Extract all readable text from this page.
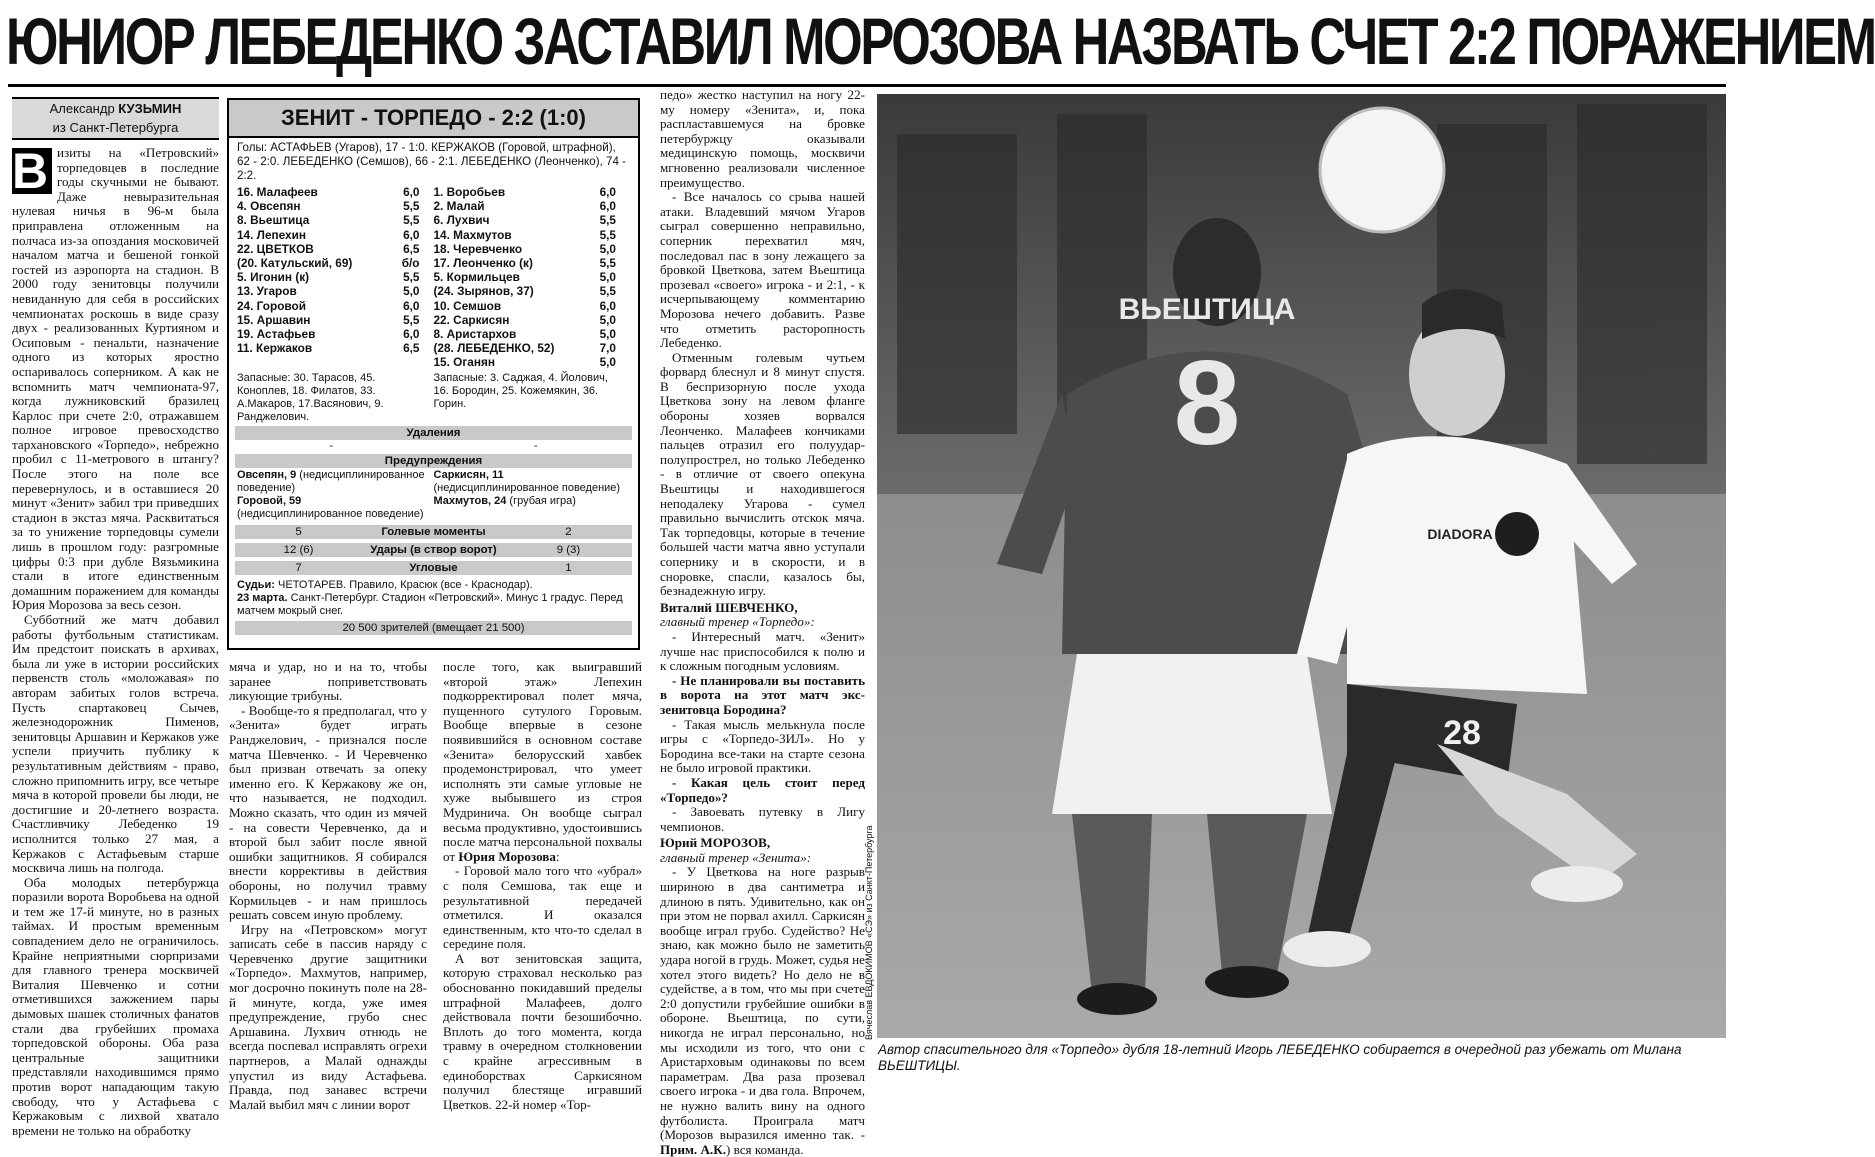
ЮНИОР ЛЕБЕДЕНКО ЗАСТАВИЛ МОРОЗОВА НАЗВАТЬ СЧЕТ 2:2 ПОРАЖЕНИЕМ
Александр КУЗЬМИН
из Санкт-Петербурга

В изиты на «Петровский» торпедовцев в последние годы скучными не бывают. Даже невыразительная нулевая ничья в 96-м была приправлена отложенным на полчаса из-за опоздания московичей началом матча и бешеной гонкой гостей из аэропорта на стадион. В 2000 году зенитовцы получили невиданную для себя в российских чемпионатах роскошь в виде сразу двух - реализованных Куртияном и Осиповым - пенальти, назначение одного из которых яростно оспаривалось соперником. А как не вспомнить матч чемпионата-97, когда лужниковский бразилец Карлос при счете 2:0, отражавшем полное игровое превосходство тархановского «Торпедо», небрежно пробил с 11-метрового в штангу? После этого на поле все перевернулось, и в оставшиеся 20 минут «Зенит» забил три приведших стадион в экстаз мяча. Расквитаться за то унижение торпедовцы сумели лишь в прошлом году: разгромные цифры 0:3 при дубле Вязьмикина стали в итоге единственным домашним поражением для команды Юрия Морозова за весь сезон.

Субботний же матч добавил работы футбольным статистикам. Им предстоит поискать в архивах, была ли уже в истории российских первенств столь «моложавая» по авторам забитых голов встреча. Пусть спартаковец Сычев, железнодорожник Пименов, зенитовцы Аршавин и Кержаков уже успели приучить публику к результативным действиям - право, сложно припомнить игру, все четыре мяча в которой провели бы люди, не достигшие и 20-летнего возраста. Счастливчику Лебеденко 19 исполнится только 27 мая, а Кержаков с Астафьевым старше москвича лишь на полгода.

Оба молодых петербуржца поразили ворота Воробьева на одной и тем же 17-й минуте, но в разных таймах. И простым временным совпадением дело не ограничилось. Крайне неприятными сюрпризами для главного тренера москвичей Виталия Шевченко и сотни отметившихся зажжением пары дымовых шашек столичных фанатов стали два грубейших промаха торпедовской обороны. Оба раза центральные защитники представляли находившимся прямо против ворот нападающим такую свободу, что у Астафьева с Кержаковым с лихвой хватало времени не только на обработку

ЗЕНИТ - ТОРПЕДО - 2:2 (1:0)
Голы: АСТАФЬЕВ (Угаров), 17 - 1:0. КЕРЖАКОВ (Горовой, штрафной), 62 - 2:0. ЛЕБЕДЕНКО (Семшов), 66 - 2:1. ЛЕБЕДЕНКО (Леонченко), 74 - 2:2.
16. Малафеев	6,0
4. Овсепян	5,5
8. Вьештица	5,5
14. Лепехин	6,0
22. ЦВЕТКОВ	6,5
(20. Катульский, 69)	б/о
5. Игонин (к)	5,5
13. Угаров	5,0
24. Горовой	6,0
15. Аршавин	5,5
19. Астафьев	6,0
11. Кержаков	6,5
1. Воробьев	6,0
2. Малай	6,0
6. Лухвич	5,5
14. Махмутов	5,5
18. Черевченко	5,0
17. Леонченко (к)	5,5
5. Кормильцев	5,0
(24. Зырянов, 37)	5,5
10. Семшов	6,0
22. Саркисян	5,0
8. Аристархов	5,0
(28. ЛЕБЕДЕНКО, 52)	7,0
15. Оганян	5,0
Запасные: 30. Тарасов, 45. Коноплев, 18. Филатов, 33. А.Макаров, 17.Васянович, 9. Ранджелович.
Запасные: 3. Саджая, 4. Йолович, 16. Бородин, 25. Кожемякин, 36. Горин.
Удаления
-	-
Предупреждения
Овсепян, 9 (недисциплинированное поведение)
Горовой, 59 (недисциплинированное поведение)
Саркисян, 11 (недисциплинированное поведение)
Махмутов, 24 (грубая игра)
5	Голевые моменты	2
12 (6)	Удары (в створ ворот)	9 (3)
7	Угловые	1
Судьи: ЧЕТОТАРЕВ. Правило, Красюк (все - Краснодар).
23 марта. Санкт-Петербург. Стадион «Петровский». Минус 1 градус. Перед матчем мокрый снег.
20 500 зрителей (вмещает 21 500)

мяча и удар, но и на то, чтобы заранее поприветствовать ликующие трибуны.

- Вообще-то я предполагал, что у «Зенита» будет играть Ранджелович, - признался после матча Шевченко. - И Черевченко был призван отвечать за опеку именно его. К Кержакову же он, что называется, не подходил. Можно сказать, что один из мячей - на совести Черевченко, да и второй был забит после явной ошибки защитников. Я собирался внести коррективы в действия обороны, но получил травму Кормильцев - и нам пришлось решать совсем иную проблему.

Игру на «Петровском» могут записать себе в пассив наряду с Черевченко другие защитники «Торпедо». Махмутов, например, мог досрочно покинуть поле на 28-й минуте, когда, уже имея предупреждение, грубо снес Аршавина. Лухвич отнюдь не всегда поспевал исправлять огрехи партнеров, а Малай однажды упустил из виду Астафьева. Правда, под занавес встречи Малай выбил мяч с линии ворот

после того, как выигравший «второй этаж» Лепехин подкорректировал полет мяча, пущенного сутулого Горовым. Вообще впервые в сезоне появившийся в основном составе «Зенита» белорусский хавбек продемонстрировал, что умеет исполнять эти самые угловые не хуже выбывшего из строя Мудринича. Он вообще сыграл весьма продуктивно, удостоившись после матча персональной похвалы от Юрия Морозова:

- Горовой мало того что «убрал» с поля Семшова, так еще и результативной передачей отметился. И оказался единственным, кто что-то сделал в середине поля.

А вот зенитовская защита, которую страховал несколько раз обоснованно покидавший пределы штрафной Малафеев, долго действовала почти безошибочно. Вплоть до того момента, когда травму в очередном столкновении с крайне агрессивным в единоборствах Саркисяном получил блестяще игравший Цветков. 22-й номер «Тор-

педо» жестко наступил на ногу 22-му номеру «Зенита», и, пока распластавшемуся на бровке петербуржцу оказывали медицинскую помощь, москвичи мгновенно реализовали численное преимущество.

- Все началось со срыва нашей атаки. Владевший мячом Угаров сыграл совершенно неправильно, соперник перехватил мяч, последовал пас в зону лежащего за бровкой Цветкова, затем Вьештица прозевал «своего» игрока - и 2:1, - к исчерпывающему комментарию Морозова нечего добавить. Разве что отметить расторопность Лебеденко.

Отменным голевым чутьем форвард блеснул и 8 минут спустя. В беспризорную после ухода Цветкова зону на левом фланге обороны хозяев ворвался Леонченко. Малафеев кончиками пальцев отразил его полуудар-полупрострел, но только Лебеденко - в отличие от своего опекуна Вьештицы и находившегося неподалеку Угарова - сумел правильно вычислить отскок мяча. Так торпедовцы, которые в течение большей части матча явно уступали сопернику и в скорости, и в сноровке, спасли, казалось бы, безнадежную игру.

Виталий ШЕВЧЕНКО,
главный тренер «Торпедо»:

- Интересный матч. «Зенит» лучше нас приспособился к полю и к сложным погодным условиям.

- Не планировали вы поставить в ворота на этот матч экс-зенитовца Бородина?

- Такая мысль мелькнула после игры с «Торпедо-ЗИЛ». Но у Бородина все-таки на старте сезона не было игровой практики.

- Какая цель стоит перед «Торпедо»?

- Завоевать путевку в Лигу чемпионов.

Юрий МОРОЗОВ,
главный тренер «Зенита»:

- У Цветкова на ноге разрыв шириною в два сантиметра и длиною в пять. Удивительно, как он при этом не порвал ахилл. Саркисян вообще играл грубо. Судейство? Не знаю, как можно было не заметить удара ногой в грудь. Может, судья не хотел этого видеть? Но дело не в судействе, а в том, что мы при счете 2:0 допустили грубейшие ошибки в обороне. Вьештица, по сути, никогда не играл персонально, но мы исходили из того, что они с Аристарховым одинаковы по всем параметрам. Два раза прозевал своего игрока - и два гола. Впрочем, не нужно валить вину на одного футболиста. Проиграла матч (Морозов выразился именно так. - Прим. А.К.) вся команда.

Вячеслав ЕВДОКИМОВ «СЭ» из Санкт-Петербурга
ВЬЕШТИЦА
8
DIADORA
28
Автор спасительного для «Торпедо» дубля 18-летний Игорь ЛЕБЕДЕНКО собирается в очередной раз убежать от Милана ВЬЕШТИЦЫ.
